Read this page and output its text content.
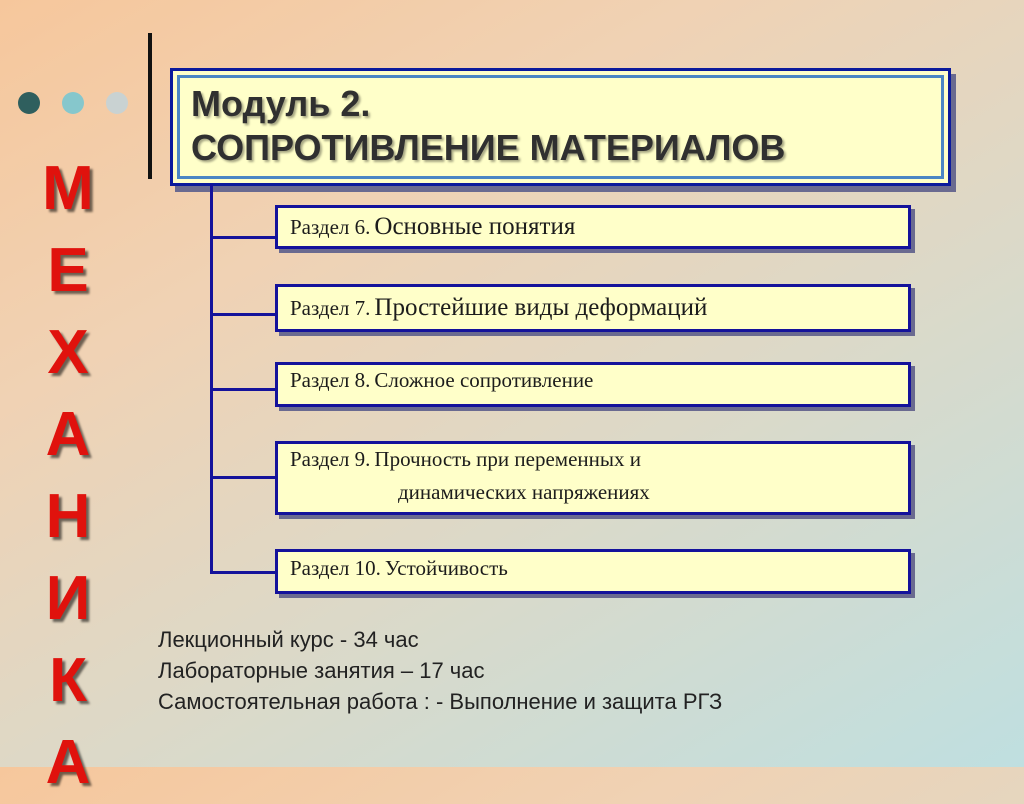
М
Е
Х
А
Н
И
К
А
Модуль 2.
СОПРОТИВЛЕНИЕ МАТЕРИАЛОВ
Раздел 6. Основные понятия
Раздел 7. Простейшие виды деформаций
Раздел 8. Сложное сопротивление
Раздел 9. Прочность при переменных и
динамических напряжениях
Раздел 10. Устойчивость
Лекционный курс - 34 час
Лабораторные занятия – 17 час
Самостоятельная работа : - Выполнение и защита РГЗ
